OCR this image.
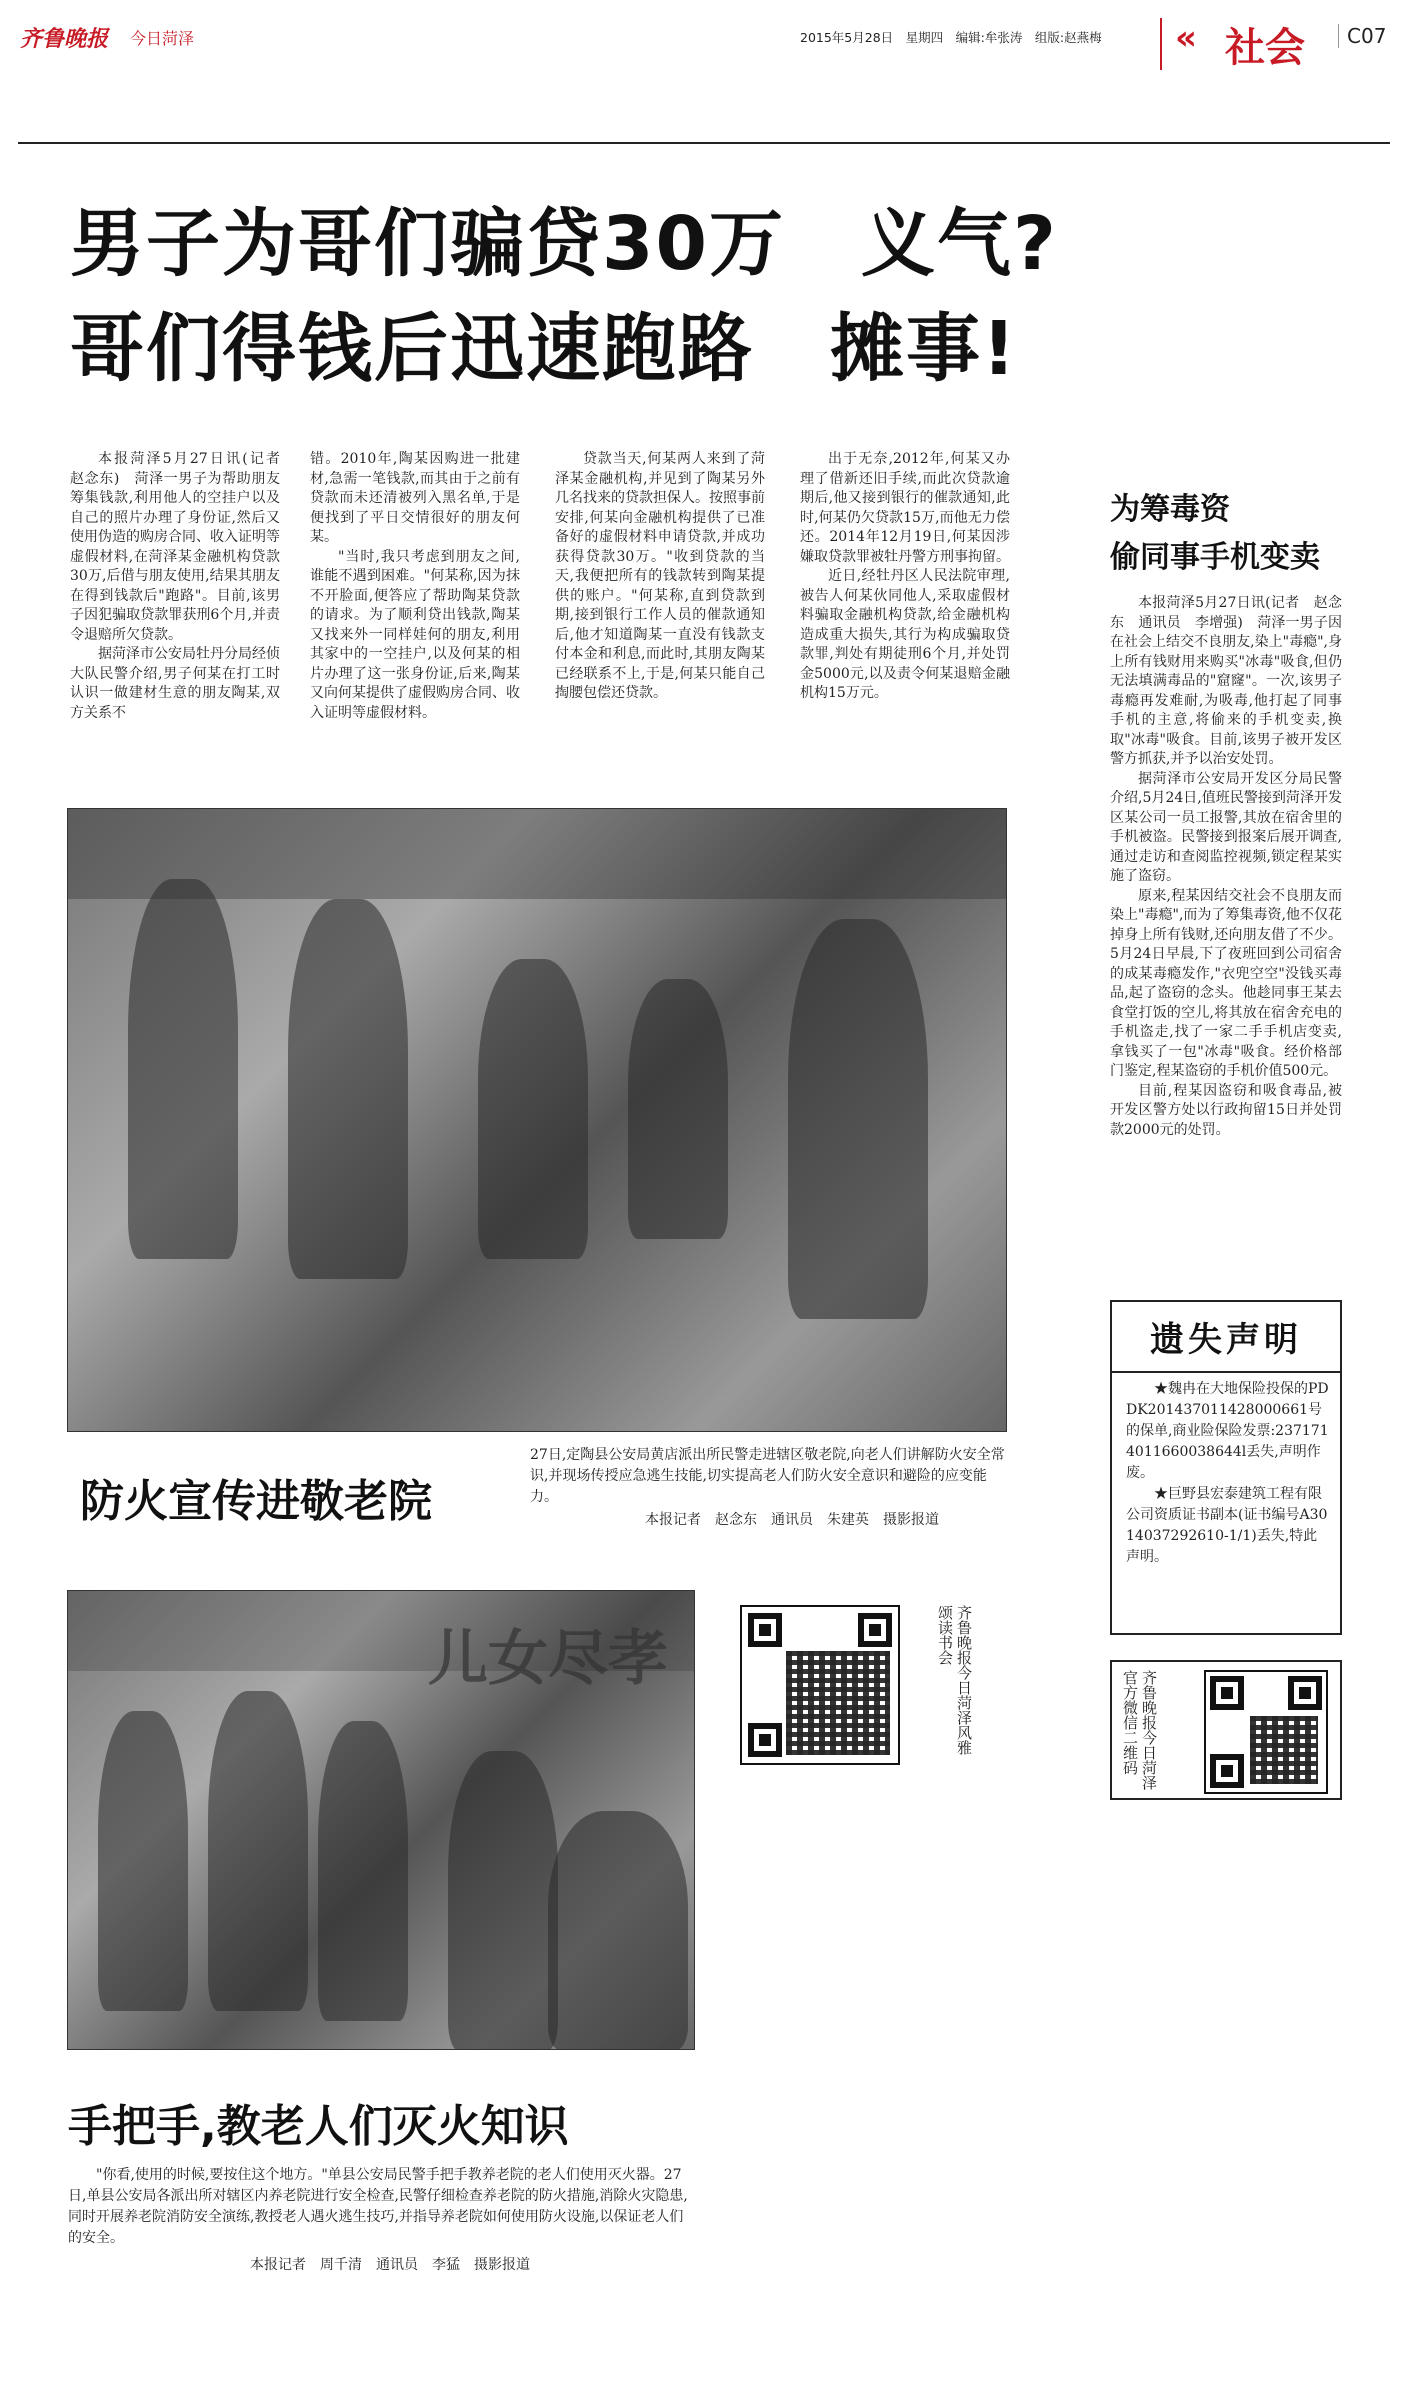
齐鲁晚报 今日菏泽	2015年5月28日　星期四　编辑:牟张涛　组版:赵燕梅 « 社会	C07
男子为哥们骗贷30万　义气?
哥们得钱后迅速跑路　摊事!

本报菏泽5月27日讯(记者　赵念东)　菏泽一男子为帮助朋友筹集钱款,利用他人的空挂户以及自己的照片办理了身份证,然后又使用伪造的购房合同、收入证明等虚假材料,在菏泽某金融机构贷款30万,后借与朋友使用,结果其朋友在得到钱款后"跑路"。目前,该男子因犯骗取贷款罪获刑6个月,并责令退赔所欠贷款。

据菏泽市公安局牡丹分局经侦大队民警介绍,男子何某在打工时认识一做建材生意的朋友陶某,双方关系不

错。2010年,陶某因购进一批建材,急需一笔钱款,而其由于之前有贷款而未还清被列入黑名单,于是便找到了平日交情很好的朋友何某。

"当时,我只考虑到朋友之间,谁能不遇到困难。"何某称,因为抹不开脸面,便答应了帮助陶某贷款的请求。为了顺利贷出钱款,陶某又找来外一同样娃何的朋友,利用其家中的一空挂户,以及何某的相片办理了这一张身份证,后来,陶某又向何某提供了虚假购房合同、收入证明等虚假材料。

贷款当天,何某两人来到了菏泽某金融机构,并见到了陶某另外几名找来的贷款担保人。按照事前安排,何某向金融机构提供了已准备好的虚假材料申请贷款,并成功获得贷款30万。"收到贷款的当天,我便把所有的钱款转到陶某提供的账户。"何某称,直到贷款到期,接到银行工作人员的催款通知后,他才知道陶某一直没有钱款支付本金和利息,而此时,其朋友陶某已经联系不上,于是,何某只能自己掏腰包偿还贷款。

出于无奈,2012年,何某又办理了借新还旧手续,而此次贷款逾期后,他又接到银行的催款通知,此时,何某仍欠贷款15万,而他无力偿还。2014年12月19日,何某因涉嫌取贷款罪被牡丹警方刑事拘留。

近日,经牡丹区人民法院审理,被告人何某伙同他人,采取虚假材料骗取金融机构贷款,给金融机构造成重大损失,其行为构成骗取贷款罪,判处有期徒刑6个月,并处罚金5000元,以及责令何某退赔金融机构15万元。

为筹毒资
偷同事手机变卖

本报菏泽5月27日讯(记者　赵念东　通讯员　李增强)　菏泽一男子因在社会上结交不良朋友,染上"毒瘾",身上所有钱财用来购买"冰毒"吸食,但仍无法填满毒品的"窟窿"。一次,该男子毒瘾再发难耐,为吸毒,他打起了同事手机的主意,将偷来的手机变卖,换取"冰毒"吸食。目前,该男子被开发区警方抓获,并予以治安处罚。

据菏泽市公安局开发区分局民警介绍,5月24日,值班民警接到菏泽开发区某公司一员工报警,其放在宿舍里的手机被盗。民警接到报案后展开调查,通过走访和查阅监控视频,锁定程某实施了盗窃。

原来,程某因结交社会不良朋友而染上"毒瘾",而为了筹集毒资,他不仅花掉身上所有钱财,还向朋友借了不少。5月24日早晨,下了夜班回到公司宿舍的成某毒瘾发作,"衣兜空空"没钱买毒品,起了盗窃的念头。他趁同事王某去食堂打饭的空儿,将其放在宿舍充电的手机盗走,找了一家二手手机店变卖,拿钱买了一包"冰毒"吸食。经价格部门鉴定,程某盗窃的手机价值500元。

目前,程某因盗窃和吸食毒品,被开发区警方处以行政拘留15日并处罚款2000元的处罚。

防火宣传进敬老院
27日,定陶县公安局黄店派出所民警走进辖区敬老院,向老人们讲解防火安全常识,并现场传授应急逃生技能,切实提高老人们防火安全意识和避险的应变能力。
本报记者　赵念东　通讯员　朱建英　摄影报道
遗失声明
★魏冉在大地保险投保的PDDK201437011428000661号的保单,商业险保险发票:2371714011660038644l丢失,声明作废。
★巨野县宏泰建筑工程有限公司资质证书副本(证书编号A3014037292610-1/1)丢失,特此声明。
齐鲁晚报今日菏泽官方微信二维码
儿女尽孝	齐鲁晚报今日菏泽风雅颂读书会
手把手,教老人们灭火知识
"你看,使用的时候,要按住这个地方。"单县公安局民警手把手教养老院的老人们使用灭火器。27日,单县公安局各派出所对辖区内养老院进行安全检查,民警仔细检查养老院的防火措施,消除火灾隐患,同时开展养老院消防安全演练,教授老人遇火逃生技巧,并指导养老院如何使用防火设施,以保证老人们的安全。
本报记者　周千清　通讯员　李猛　摄影报道
